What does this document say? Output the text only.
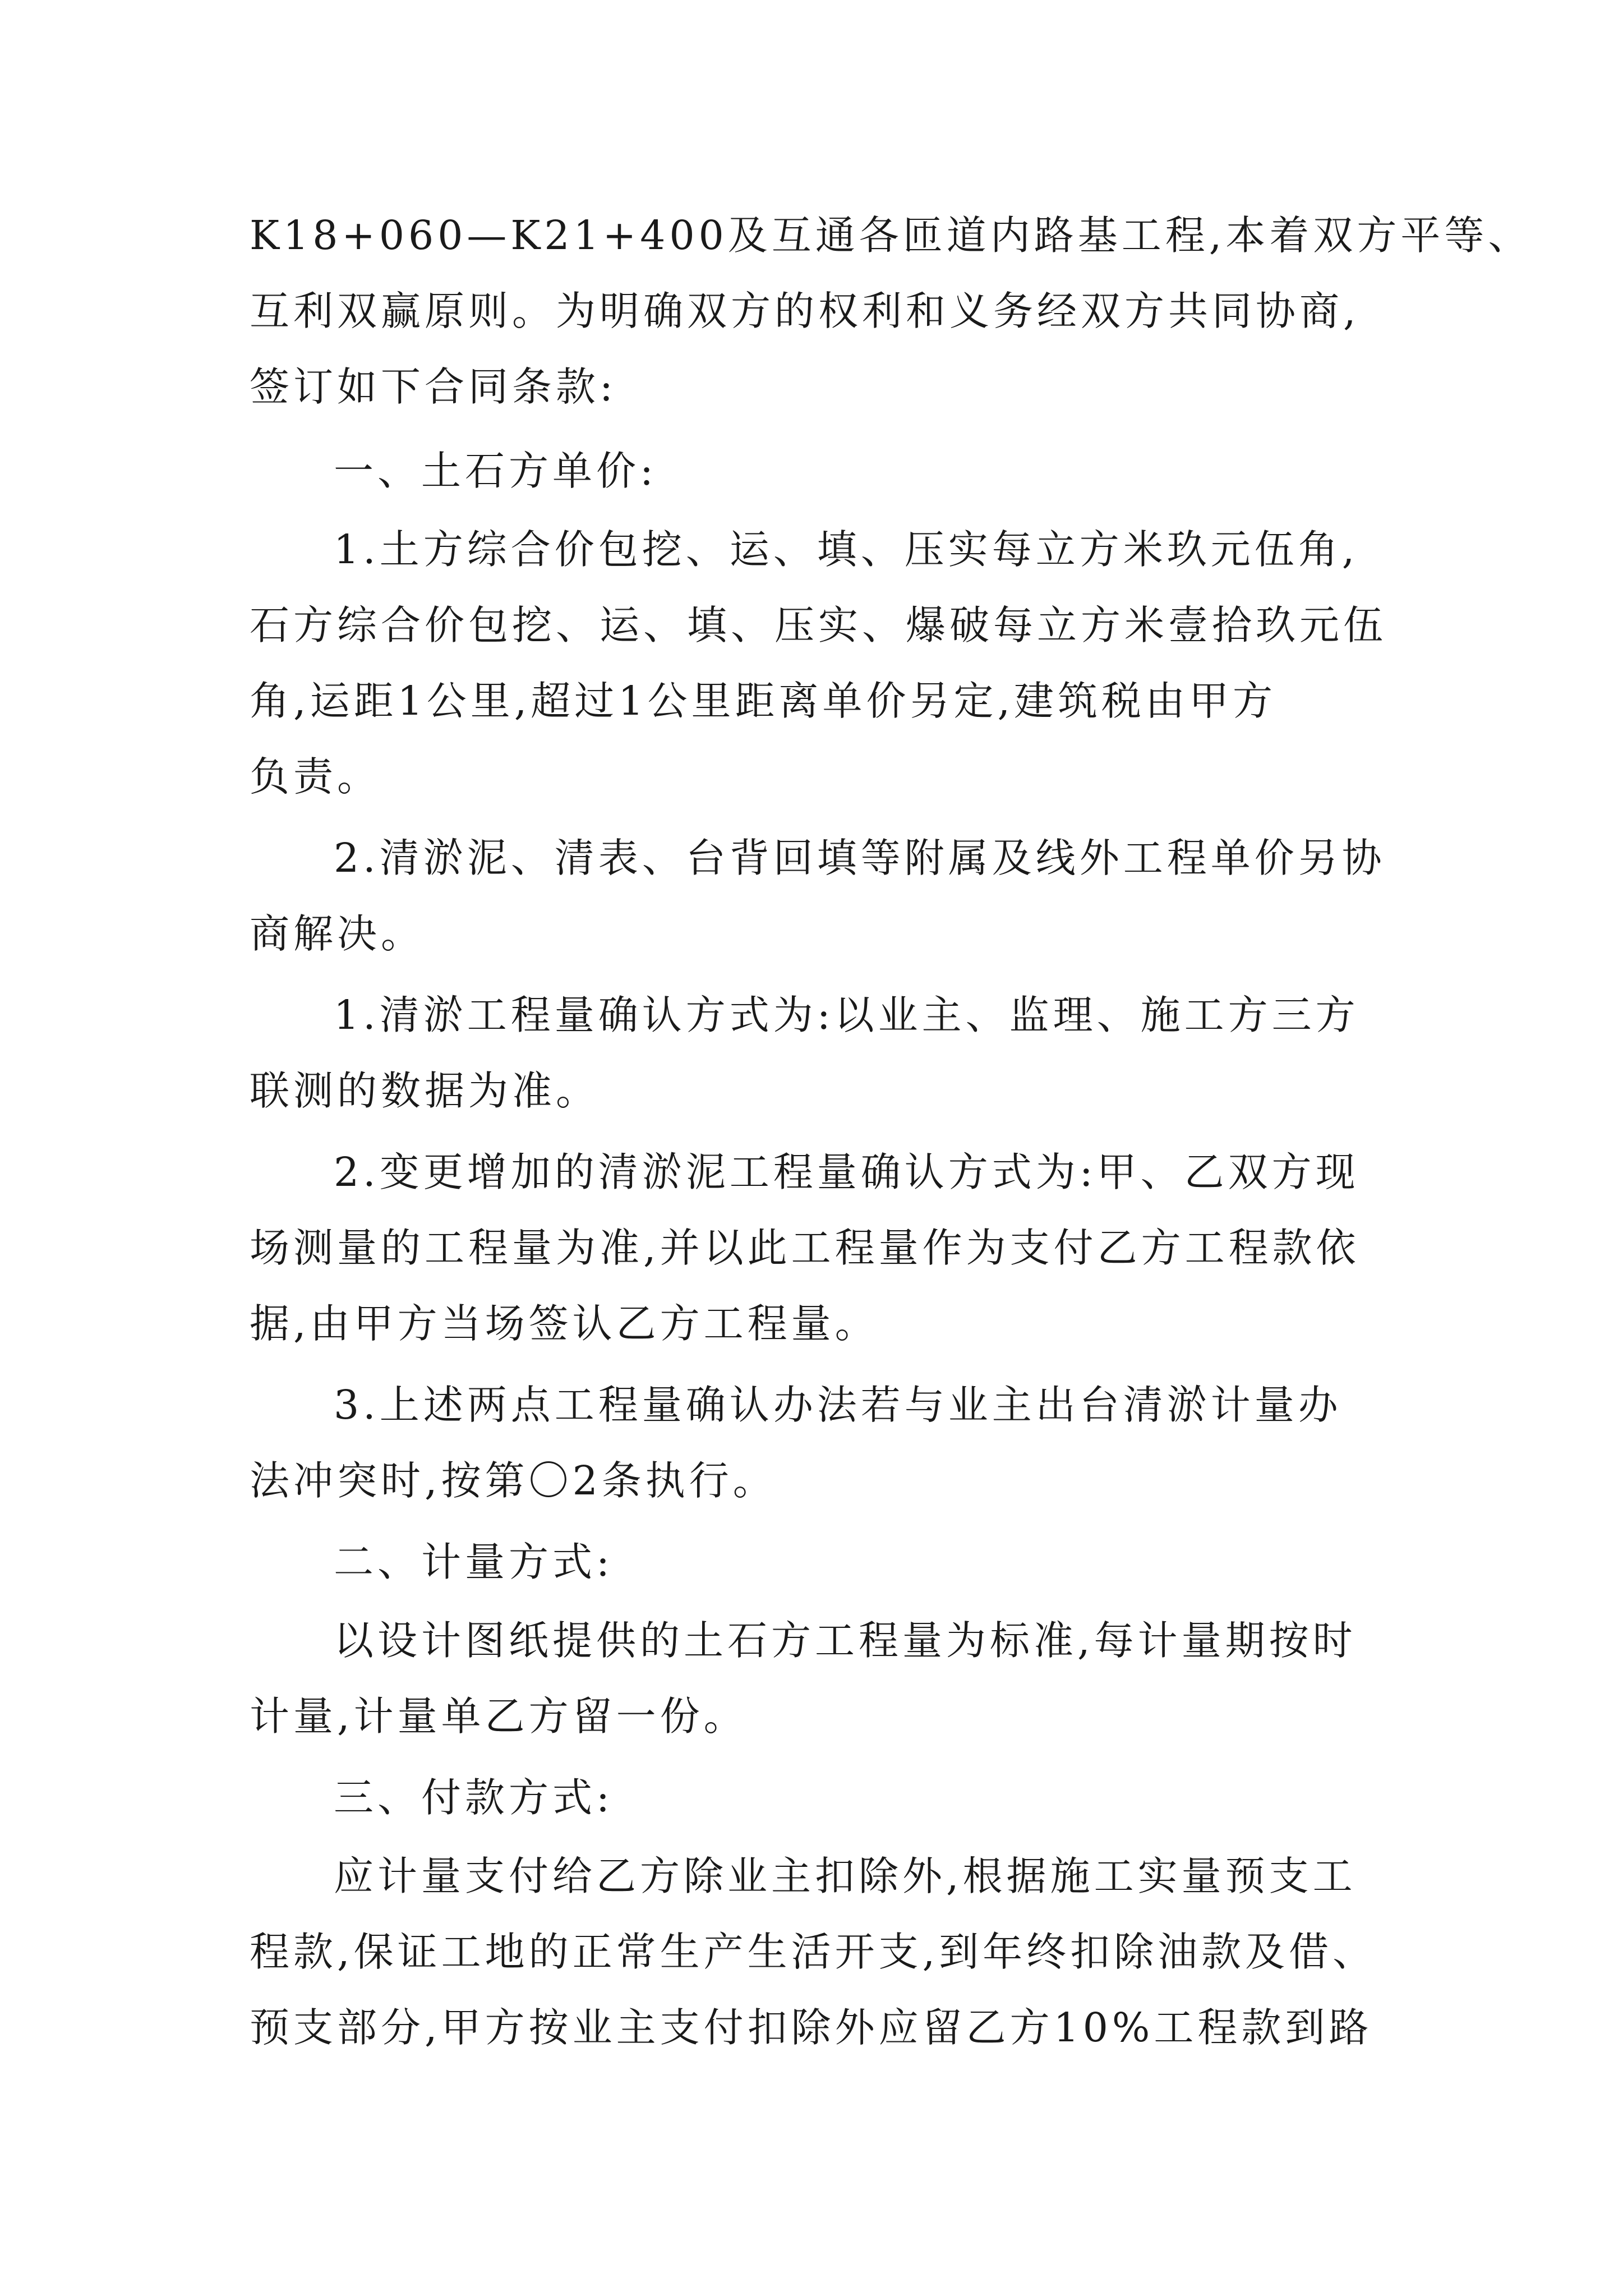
K18+060—K21+400及互通各匝道内路基工程,本着双方平等、
互利双赢原则。为明确双方的权利和义务经双方共同协商,
签订如下合同条款:
一、土石方单价:
1.土方综合价包挖、运、填、压实每立方米玖元伍角,
石方综合价包挖、运、填、压实、爆破每立方米壹拾玖元伍
角,运距1公里,超过1公里距离单价另定,建筑税由甲方
负责。
2.清淤泥、清表、台背回填等附属及线外工程单价另协
商解决。
1.清淤工程量确认方式为:以业主、监理、施工方三方
联测的数据为准。
2.变更增加的清淤泥工程量确认方式为:甲、乙双方现
场测量的工程量为准,并以此工程量作为支付乙方工程款依
据,由甲方当场签认乙方工程量。
3.上述两点工程量确认办法若与业主出台清淤计量办
法冲突时,按第〇2条执行。
二、计量方式:
以设计图纸提供的土石方工程量为标准,每计量期按时
计量,计量单乙方留一份。
三、付款方式:
应计量支付给乙方除业主扣除外,根据施工实量预支工
程款,保证工地的正常生产生活开支,到年终扣除油款及借、
预支部分,甲方按业主支付扣除外应留乙方10%工程款到路
